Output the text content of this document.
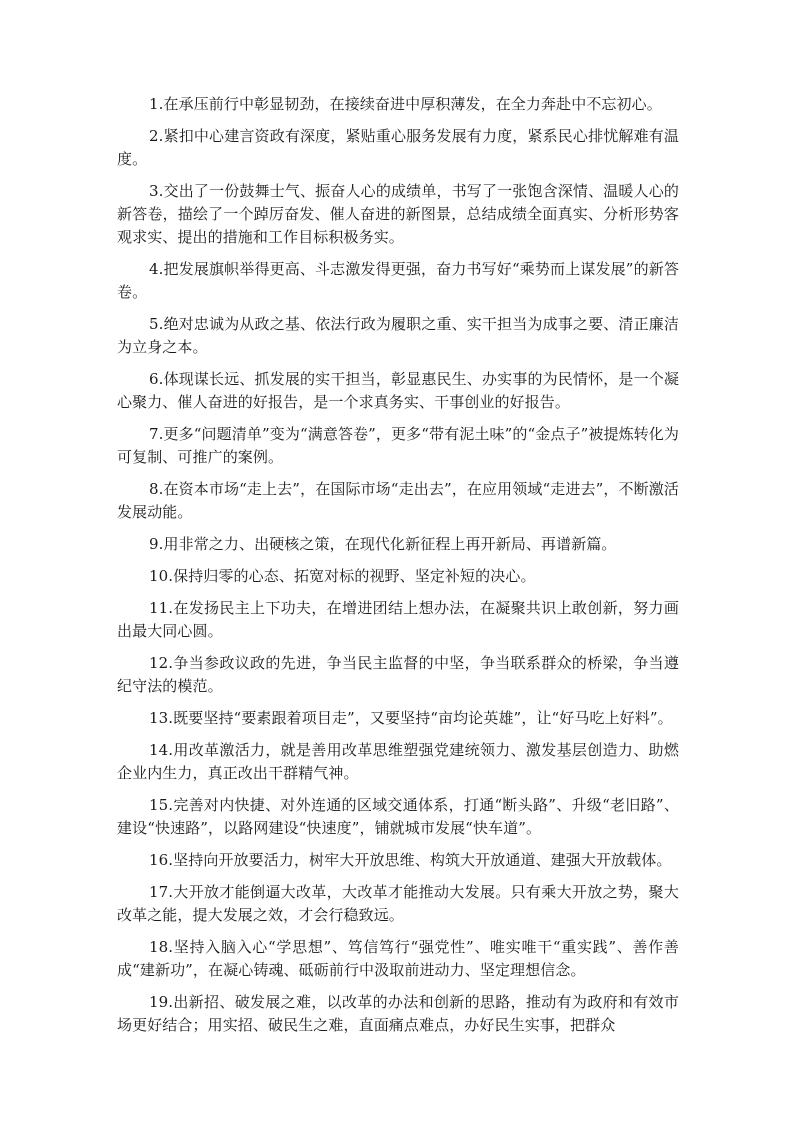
1.在承压前行中彰显韧劲，在接续奋进中厚积薄发，在全力奔赴中不忘初心。

2.紧扣中心建言资政有深度，紧贴重心服务发展有力度，紧系民心排忧解难有温度。

3.交出了一份鼓舞士气、振奋人心的成绩单，书写了一张饱含深情、温暖人心的新答卷，描绘了一个踔厉奋发、催人奋进的新图景，总结成绩全面真实、分析形势客观求实、提出的措施和工作目标积极务实。

4.把发展旗帜举得更高、斗志激发得更强，奋力书写好“乘势而上谋发展”的新答卷。

5.绝对忠诚为从政之基、依法行政为履职之重、实干担当为成事之要、清正廉洁为立身之本。

6.体现谋长远、抓发展的实干担当，彰显惠民生、办实事的为民情怀，是一个凝心聚力、催人奋进的好报告，是一个求真务实、干事创业的好报告。

7.更多“问题清单”变为“满意答卷”，更多“带有泥土味”的“金点子”被提炼转化为可复制、可推广的案例。

8.在资本市场“走上去”，在国际市场“走出去”，在应用领域“走进去”，不断激活发展动能。

9.用非常之力、出硬核之策，在现代化新征程上再开新局、再谱新篇。

10.保持归零的心态、拓宽对标的视野、坚定补短的决心。

11.在发扬民主上下功夫，在增进团结上想办法，在凝聚共识上敢创新，努力画出最大同心圆。

12.争当参政议政的先进，争当民主监督的中坚，争当联系群众的桥梁，争当遵纪守法的模范。

13.既要坚持“要素跟着项目走”，又要坚持“亩均论英雄”，让“好马吃上好料”。

14.用改革激活力，就是善用改革思维塑强党建统领力、激发基层创造力、助燃企业内生力，真正改出干群精气神。

15.完善对内快捷、对外连通的区域交通体系，打通“断头路”、升级“老旧路”、建设“快速路”，以路网建设“快速度”，铺就城市发展“快车道”。

16.坚持向开放要活力，树牢大开放思维、构筑大开放通道、建强大开放载体。

17.大开放才能倒逼大改革，大改革才能推动大发展。只有乘大开放之势，聚大改革之能，提大发展之效，才会行稳致远。

18.坚持入脑入心“学思想”、笃信笃行“强党性”、唯实唯干“重实践”、善作善成“建新功”，在凝心铸魂、砥砺前行中汲取前进动力、坚定理想信念。

19.出新招、破发展之难，以改革的办法和创新的思路，推动有为政府和有效市场更好结合；用实招、破民生之难，直面痛点难点，办好民生实事，把群众
